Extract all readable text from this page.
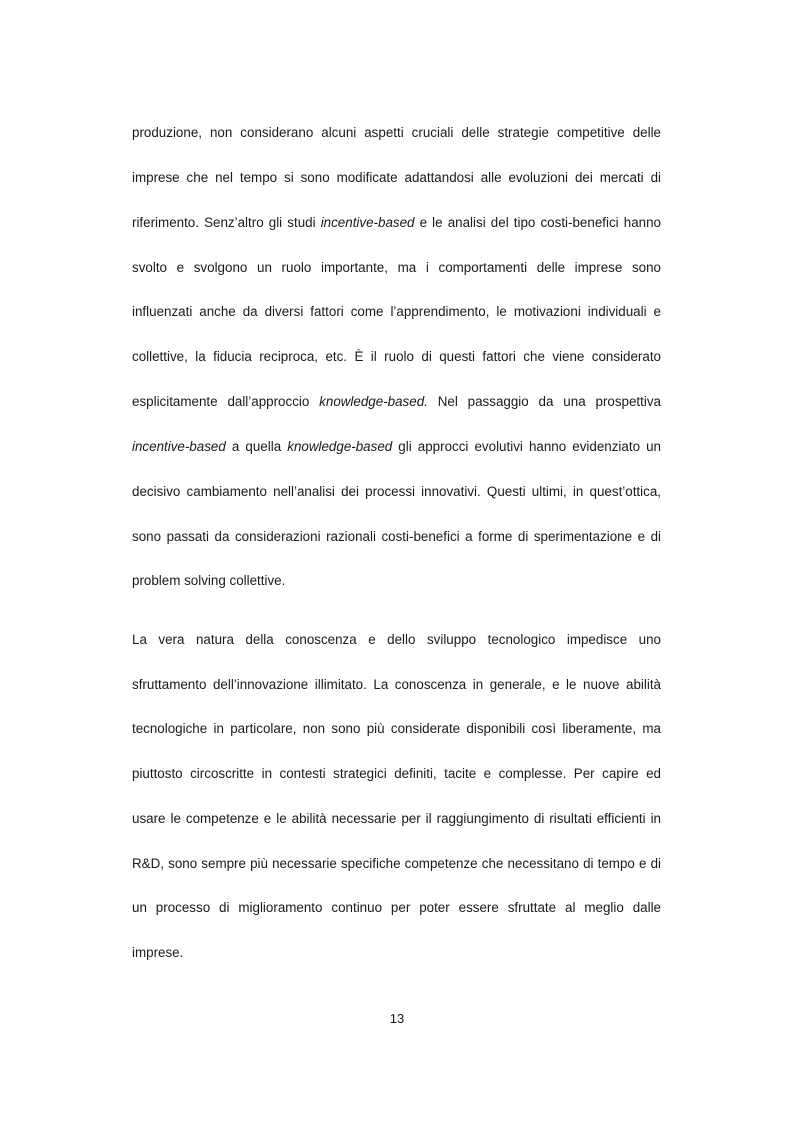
produzione, non considerano alcuni aspetti cruciali delle strategie competitive delle
imprese che nel tempo si sono modificate adattandosi alle evoluzioni dei mercati di
riferimento. Senz’altro gli studi incentive-based e le analisi del tipo costi-benefici hanno
svolto e svolgono un ruolo importante, ma i comportamenti delle imprese sono
influenzati anche da diversi fattori come l’apprendimento, le motivazioni individuali e
collettive, la fiducia reciproca, etc. È il ruolo di questi fattori che viene considerato
esplicitamente dall’approccio knowledge-based. Nel passaggio da una prospettiva
incentive-based a quella knowledge-based gli approcci evolutivi hanno evidenziato un
decisivo cambiamento nell’analisi dei processi innovativi. Questi ultimi, in quest’ottica,
sono passati da considerazioni razionali costi-benefici a forme di sperimentazione e di
problem solving collettive.
La vera natura della conoscenza e dello sviluppo tecnologico impedisce uno
sfruttamento dell’innovazione illimitato. La conoscenza in generale, e le nuove abilità
tecnologiche in particolare, non sono più considerate disponibili così liberamente, ma
piuttosto circoscritte in contesti strategici definiti, tacite e complesse. Per capire ed
usare le competenze e le abilità necessarie per il raggiungimento di risultati efficienti in
R&D, sono sempre più necessarie specifiche competenze che necessitano di tempo e di
un processo di miglioramento continuo per poter essere sfruttate al meglio dalle
imprese.
13
